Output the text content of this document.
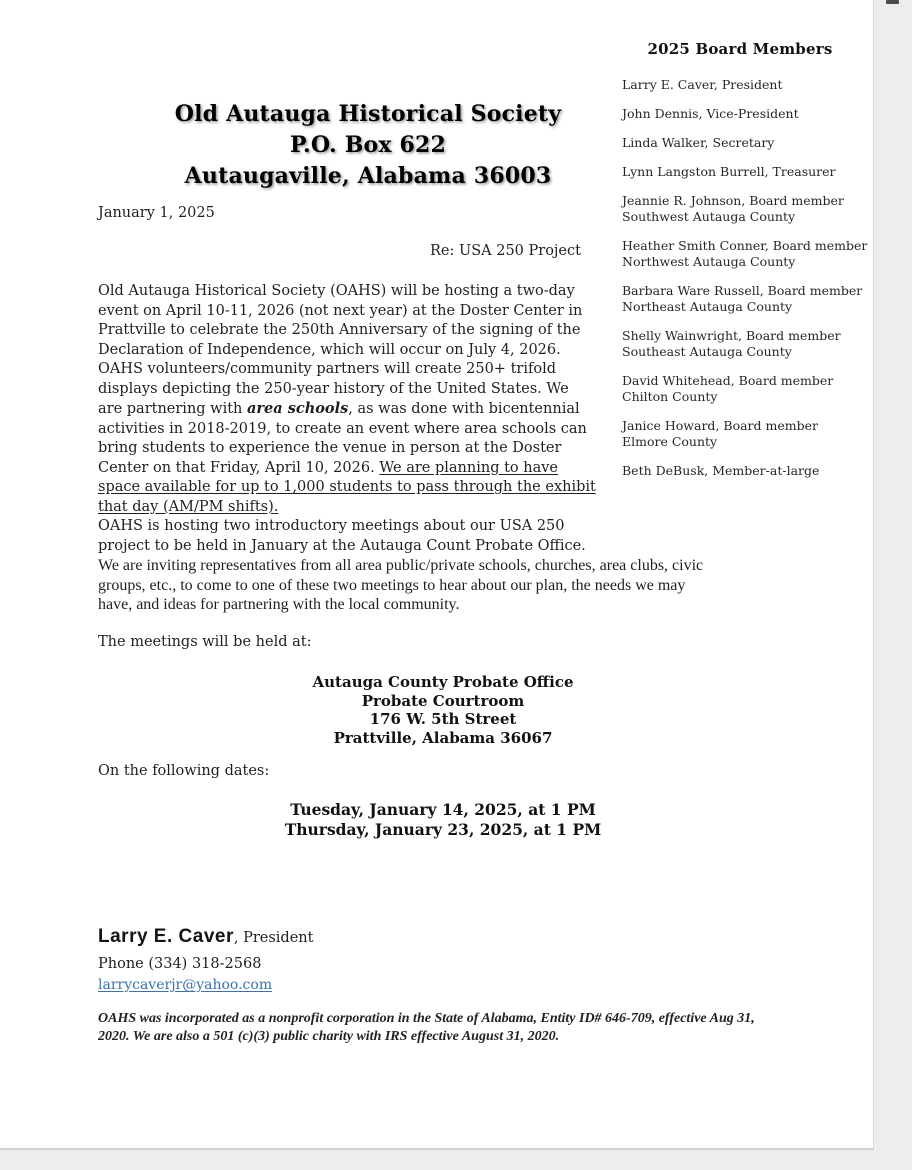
2025 Board Members
Larry E. Caver, President
John Dennis, Vice-President
Linda Walker, Secretary
Lynn Langston Burrell, Treasurer
Jeannie R. Johnson, Board member
Southwest Autauga County
Heather Smith Conner, Board member
Northwest Autauga County
Barbara Ware Russell, Board member
Northeast Autauga County
Shelly Wainwright, Board member
Southeast Autauga County
David Whitehead, Board member
Chilton County
Janice Howard, Board member
Elmore County
Beth DeBusk, Member-at-large
Old Autauga Historical Society
P.O. Box 622
Autaugaville, Alabama 36003
January 1, 2025
Re: USA 250 Project
Old Autauga Historical Society (OAHS) will be hosting a two-day
event on April 10-11, 2026 (not next year) at the Doster Center in
Prattville to celebrate the 250th Anniversary of the signing of the
Declaration of Independence, which will occur on July 4, 2026.
OAHS volunteers/community partners will create 250+ trifold
displays depicting the 250-year history of the United States. We
are partnering with area schools, as was done with bicentennial
activities in 2018-2019, to create an event where area schools can
bring students to experience the venue in person at the Doster
Center on that Friday, April 10, 2026. We are planning to have
space available for up to 1,000 students to pass through the exhibit
that day (AM/PM shifts).
OAHS is hosting two introductory meetings about our USA 250
project to be held in January at the Autauga Count Probate Office.
We are inviting representatives from all area public/private schools, churches, area clubs, civic
groups, etc., to come to one of these two meetings to hear about our plan, the needs we may
have, and ideas for partnering with the local community.
The meetings will be held at:
Autauga County Probate Office
Probate Courtroom
176 W. 5th Street
Prattville, Alabama 36067
On the following dates:
Tuesday, January 14, 2025, at 1 PM
Thursday, January 23, 2025, at 1 PM
Larry E. Caver, President
Phone (334) 318-2568
larrycaverjr@yahoo.com
OAHS was incorporated as a nonprofit corporation in the State of Alabama, Entity ID# 646-709, effective Aug 31,
2020. We are also a 501 (c)(3) public charity with IRS effective August 31, 2020.
